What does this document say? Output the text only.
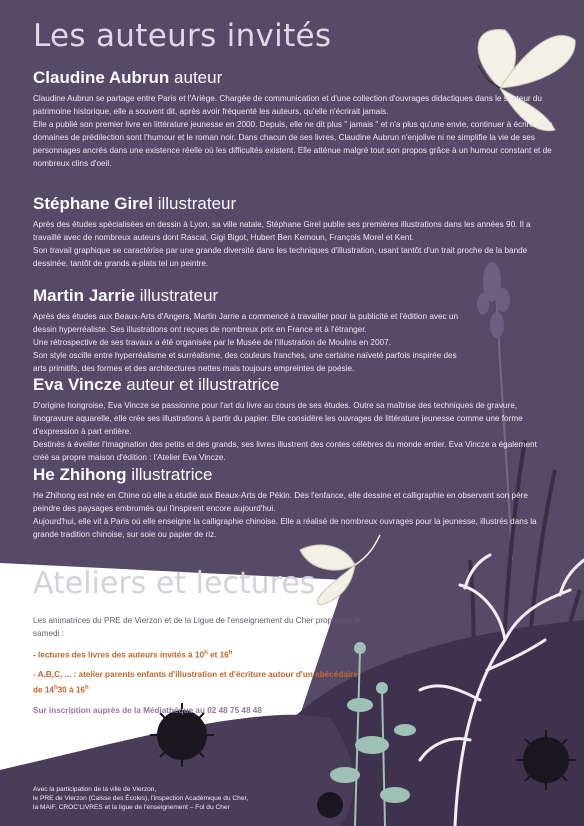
Les auteurs invités
Claudine Aubrun auteur

Claudine Aubrun se partage entre Paris et l'Ariège. Chargée de communication et d'une collection d'ouvrages didactiques dans le secteur du patrimoine historique, elle a souvent dit, après avoir fréquenté les auteurs, qu'elle n'écrirait jamais.
Elle a publié son premier livre en littérature jeunesse en 2000. Depuis, elle ne dit plus " jamais " et n'a plus qu'une envie, continuer à écrire. Ses domaines de prédilection sont l'humour et le roman noir. Dans chacun de ses livres, Claudine Aubrun n'enjolive ni ne simplifie la vie de ses personnages ancrés dans une existence réelle où les difficultés existent. Elle atténue malgré tout son propos grâce à un humour constant et de nombreux clins d'oeil.

Stéphane Girel illustrateur

Après des études spécialisées en dessin à Lyon, sa ville natale, Stéphane Girel publie ses premières illustrations dans les années 90. Il a travaillé avec de nombreux auteurs dont Rascal, Gigi Bigot, Hubert Ben Kemoun, François Morel et Kent.
Son travail graphique se caractérise par une grande diversité dans les techniques d'illustration, usant tantôt d'un trait proche de la bande dessinée, tantôt de grands a-plats tel un peintre.

Martin Jarrie illustrateur

Après des études aux Beaux-Arts d'Angers, Martin Jarrie a commencé à travailler pour la publicité et l'édition avec un dessin hyperréaliste. Ses illustrations ont reçues de nombreux prix en France et à l'étranger.
Une rétrospective de ses travaux a été organisée par le Musée de l'illustration de Moulins en 2007.
Son style oscille entre hyperréalisme et surréalisme, des couleurs franches, une certaine naïveté parfois inspirée des arts primitifs, des formes et des architectures nettes mais toujours empreintes de poésie.

Eva Vincze auteur et illustratrice

D'origine hongroise, Eva Vincze se passionne pour l'art du livre au cours de ses études. Outre sa maîtrise des techniques de gravure, linogravure aquarelle, elle crée ses illustrations à partir du papier. Elle considère les ouvrages de littérature jeunesse comme une forme d'expression à part entière.
Destinés à éveiller l'imagination des petits et des grands, ses livres illustrent des contes célèbres du monde entier. Eva Vincze a également créé sa propre maison d'édition : l'Atelier Eva Vincze.

He Zhihong illustratrice

He Zhihong est née en Chine où elle a étudié aux Beaux-Arts de Pékin. Dès l'enfance, elle dessine et calligraphie en observant son père peindre des paysages embrumés qui l'inspirent encore aujourd'hui.
Aujourd'hui, elle vit à Paris où elle enseigne la calligraphie chinoise. Elle a réalisé de nombreux ouvrages pour la jeunesse, illustrés dans la grande tradition chinoise, sur soie ou papier de riz.

Ateliers et lectures

Les animatrices du PRE de Vierzon et de la Ligue de l'enseignement du Cher proposent le samedi :

- lectures des livres des auteurs invités à 10$^h$ et 16$^h$

- A,B,C, ... : atelier parents enfants d'illustration et d'écriture autour d'un abécédaire de 14$^h$30 à 16$^h$

Sur inscription auprès de la Médiathèque au 02 48 75 48 48

Avec la participation de la ville de Vierzon,
le PRE de Vierzon (Caisse des Écoles), l'inspection Académique du Cher,
la MAIF, CROC'LIVRES et la ligue de l'enseignement – Fol du Cher
